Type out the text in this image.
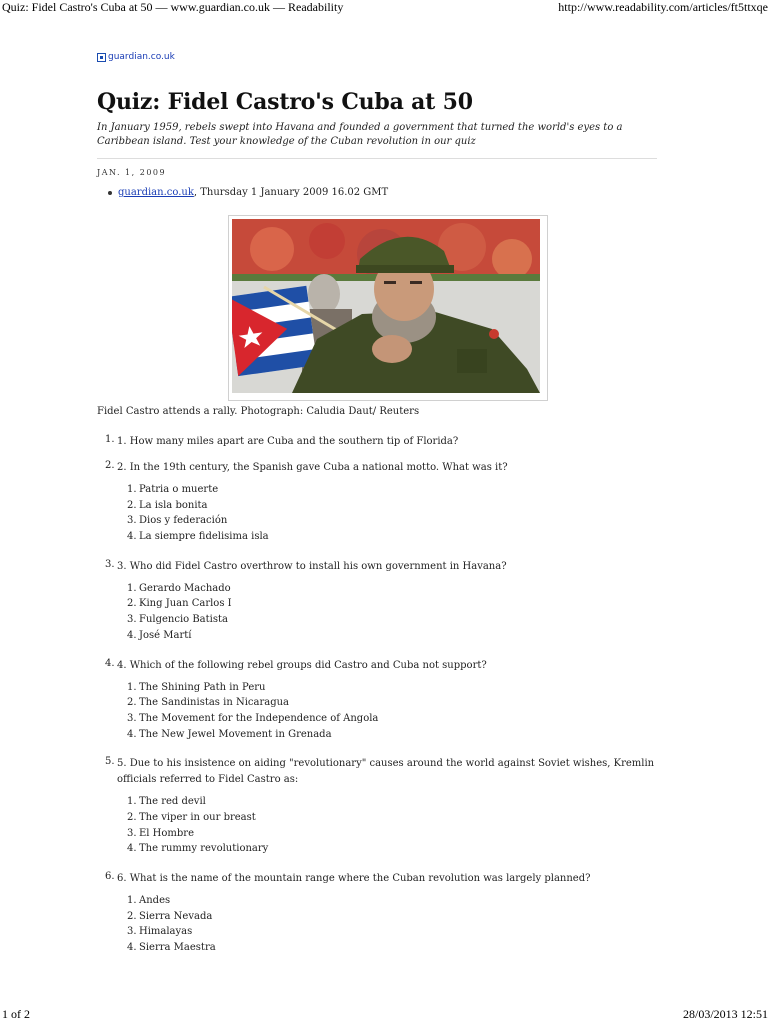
Quiz: Fidel Castro's Cuba at 50 — www.guardian.co.uk — Readability	http://www.readability.com/articles/ft5ttxqe
guardian.co.uk
Quiz: Fidel Castro's Cuba at 50
In January 1959, rebels swept into Havana and founded a government that turned the world's eyes to a Caribbean island. Test your knowledge of the Cuban revolution in our quiz
JAN. 1, 2009
guardian.co.uk, Thursday 1 January 2009 16.02 GMT
Fidel Castro attends a rally. Photograph: Caludia Daut/ Reuters
1. 1. How many miles apart are Cuba and the southern tip of Florida?
2. 2. In the 19th century, the Spanish gave Cuba a national motto. What was it?
1. Patria o muerte
2. La isla bonita
3. Dios y federación
4. La siempre fidelisima isla
3. 3. Who did Fidel Castro overthrow to install his own government in Havana?
1. Gerardo Machado
2. King Juan Carlos I
3. Fulgencio Batista
4. José Martí
4. 4. Which of the following rebel groups did Castro and Cuba not support?
1. The Shining Path in Peru
2. The Sandinistas in Nicaragua
3. The Movement for the Independence of Angola
4. The New Jewel Movement in Grenada
5. 5. Due to his insistence on aiding "revolutionary" causes around the world against Soviet wishes, Kremlin officials referred to Fidel Castro as:
1. The red devil
2. The viper in our breast
3. El Hombre
4. The rummy revolutionary
6. 6. What is the name of the mountain range where the Cuban revolution was largely planned?
1. Andes
2. Sierra Nevada
3. Himalayas
4. Sierra Maestra
1 of 2	28/03/2013 12:51
